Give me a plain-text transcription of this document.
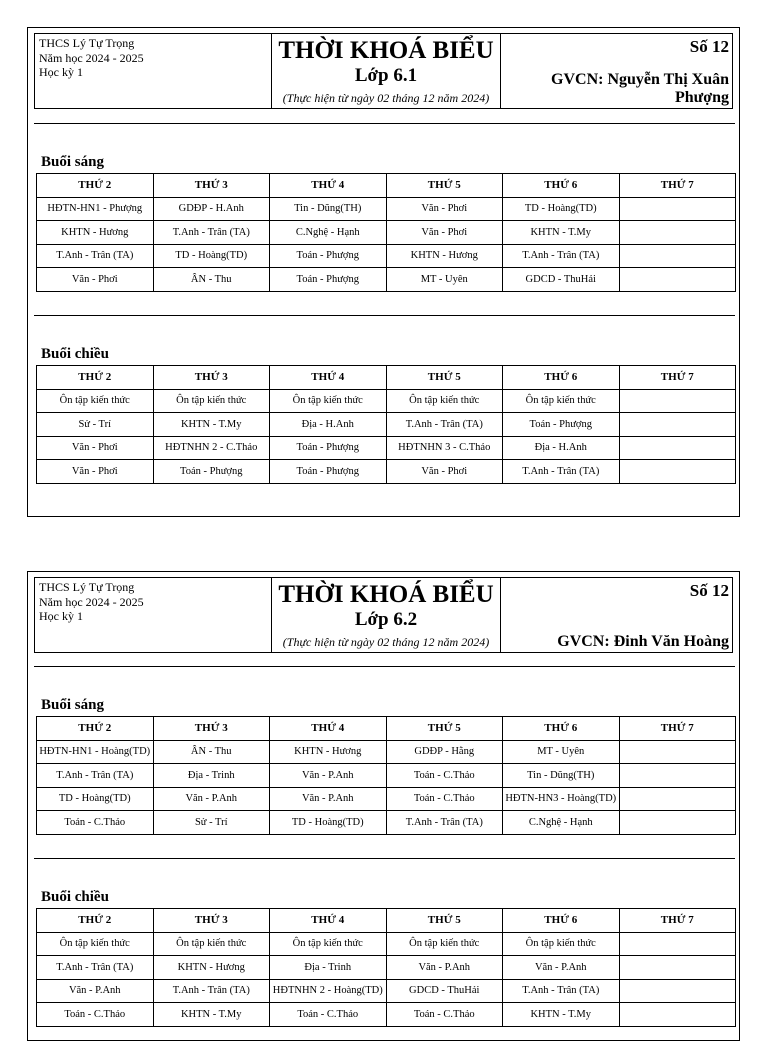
THCS Lý Tự Trọng
Năm học 2024 - 2025
Học kỳ 1
THỜI KHOÁ BIỂU
Lớp 6.1
(Thực hiện từ ngày 02 tháng 12 năm 2024)
Số 12
GVCN: Nguyễn Thị Xuân Phượng
Buổi sáng
THỨ 2	THỨ 3	THỨ 4	THỨ 5	THỨ 6	THỨ 7
HĐTN-HN1 - Phượng	GDĐP - H.Anh	Tin - Dũng(TH)	Văn - Phơi	TD - Hoàng(TD)	
KHTN - Hương	T.Anh - Trân (TA)	C.Nghệ - Hạnh	Văn - Phơi	KHTN - T.My	
T.Anh - Trân (TA)	TD - Hoàng(TD)	Toán - Phượng	KHTN - Hương	T.Anh - Trân (TA)	
Văn - Phơi	ÂN - Thu	Toán - Phượng	MT - Uyên	GDCD - ThuHải	
Buổi chiều
THỨ 2	THỨ 3	THỨ 4	THỨ 5	THỨ 6	THỨ 7
Ôn tập kiến thức	Ôn tập kiến thức	Ôn tập kiến thức	Ôn tập kiến thức	Ôn tập kiến thức	
Sử - Trí	KHTN - T.My	Địa - H.Anh	T.Anh - Trân (TA)	Toán - Phượng	
Văn - Phơi	HĐTNHN 2 - C.Thảo	Toán - Phượng	HĐTNHN 3 - C.Thảo	Địa - H.Anh	
Văn - Phơi	Toán - Phượng	Toán - Phượng	Văn - Phơi	T.Anh - Trân (TA)	
THCS Lý Tự Trọng
Năm học 2024 - 2025
Học kỳ 1
THỜI KHOÁ BIỂU
Lớp 6.2
(Thực hiện từ ngày 02 tháng 12 năm 2024)
Số 12
GVCN: Đinh Văn Hoàng
Buổi sáng
THỨ 2	THỨ 3	THỨ 4	THỨ 5	THỨ 6	THỨ 7
HĐTN-HN1 - Hoàng(TD)	ÂN - Thu	KHTN - Hương	GDĐP - Hằng	MT - Uyên	
T.Anh - Trân (TA)	Địa - Trinh	Văn - P.Anh	Toán - C.Thảo	Tin - Dũng(TH)	
TD - Hoàng(TD)	Văn - P.Anh	Văn - P.Anh	Toán - C.Thảo	HĐTN-HN3 - Hoàng(TD)	
Toán - C.Thảo	Sử - Trí	TD - Hoàng(TD)	T.Anh - Trân (TA)	C.Nghệ - Hạnh	
Buổi chiều
THỨ 2	THỨ 3	THỨ 4	THỨ 5	THỨ 6	THỨ 7
Ôn tập kiến thức	Ôn tập kiến thức	Ôn tập kiến thức	Ôn tập kiến thức	Ôn tập kiến thức	
T.Anh - Trân (TA)	KHTN - Hương	Địa - Trinh	Văn - P.Anh	Văn - P.Anh	
Văn - P.Anh	T.Anh - Trân (TA)	HĐTNHN 2 - Hoàng(TD)	GDCD - ThuHải	T.Anh - Trân (TA)	
Toán - C.Thảo	KHTN - T.My	Toán - C.Thảo	Toán - C.Thảo	KHTN - T.My	
